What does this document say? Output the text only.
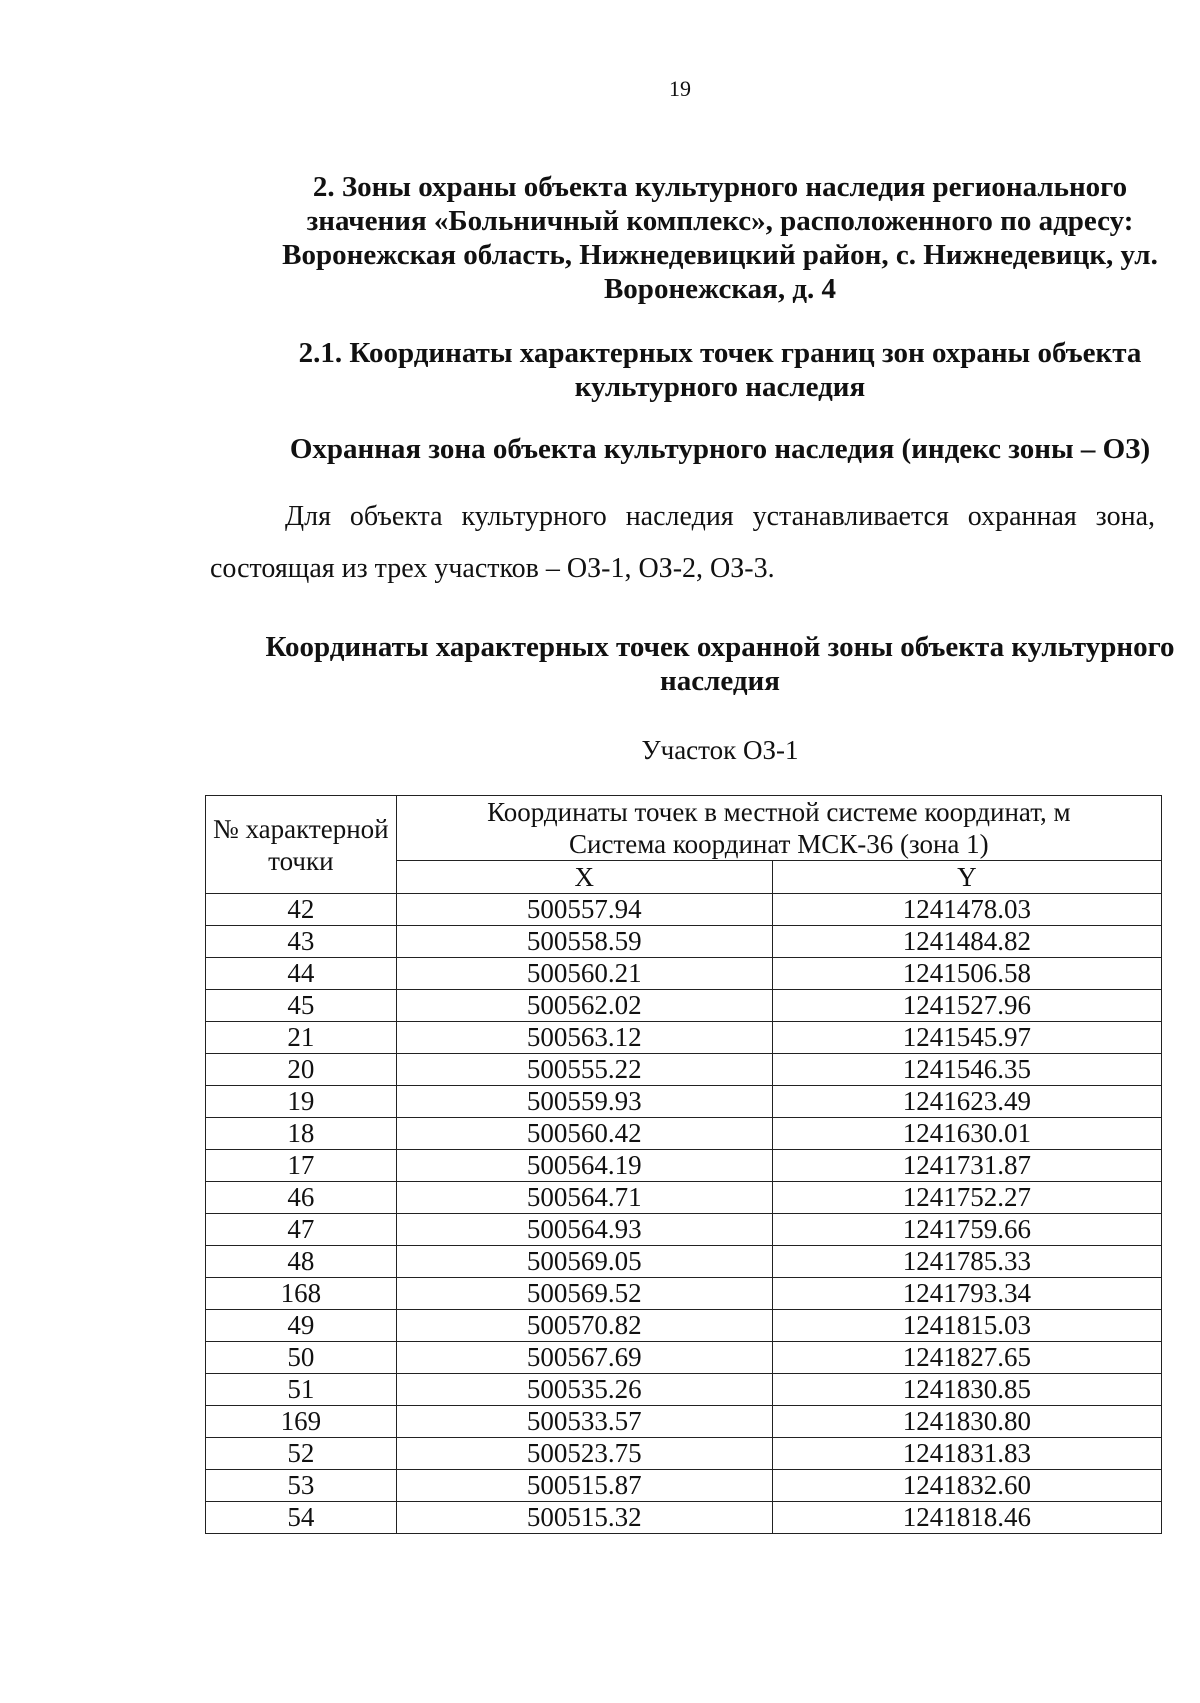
19
2. Зоны охраны объекта культурного наследия регионального значения «Больничный комплекс», расположенного по адресу: Воронежская область, Нижнедевицкий район, с. Нижнедевицк, ул. Воронежская, д. 4
2.1. Координаты характерных точек границ зон охраны объекта культурного наследия
Охранная зона объекта культурного наследия (индекс зоны – ОЗ)
Для объекта культурного наследия устанавливается охранная зона,
состоящая из трех участков – ОЗ-1, ОЗ-2, ОЗ-3.
Координаты характерных точек охранной зоны объекта культурного наследия
Участок ОЗ-1
№ характерной точки	Координаты точек в местной системе координат, м
Система координат МСК-36 (зона 1)	

	X	Y
42	500557.94	1241478.03
43	500558.59	1241484.82
44	500560.21	1241506.58
45	500562.02	1241527.96
21	500563.12	1241545.97
20	500555.22	1241546.35
19	500559.93	1241623.49
18	500560.42	1241630.01
17	500564.19	1241731.87
46	500564.71	1241752.27
47	500564.93	1241759.66
48	500569.05	1241785.33
168	500569.52	1241793.34
49	500570.82	1241815.03
50	500567.69	1241827.65
51	500535.26	1241830.85
169	500533.57	1241830.80
52	500523.75	1241831.83
53	500515.87	1241832.60
54	500515.32	1241818.46
